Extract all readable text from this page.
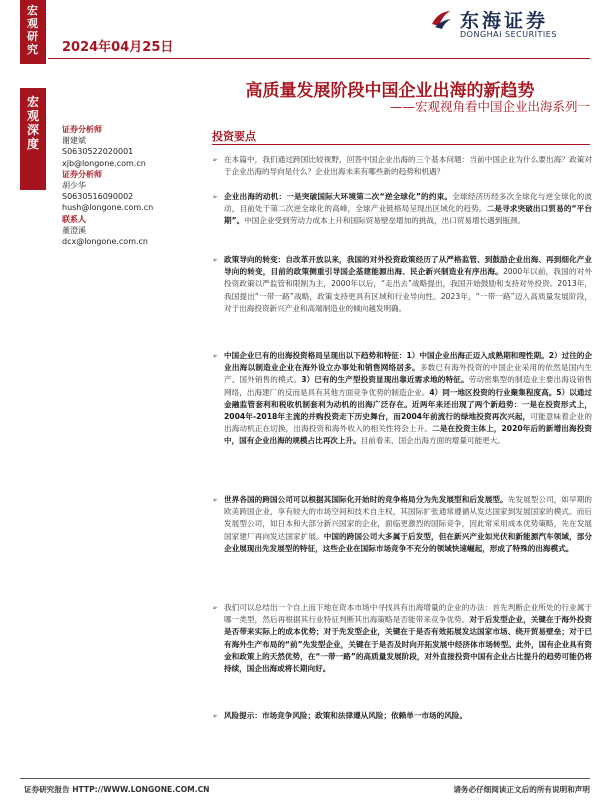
宏观研究
宏观深度
2024年04月25日
东海证券
DONGHAI SECURITIES
高质量发展阶段中国企业出海的新趋势
——宏观视角看中国企业出海系列一
证券分析师
谢建斌
S0630522020001
xjb@longone.com.cn
证券分析师
胡少华
S0630516090002
hush@longone.com.cn
联系人
董澄溪
dcx@longone.com.cn
投资要点
➢ 在本篇中，我们通过跨国比较视野，回答中国企业出海的三个基本问题：当前中国企业为什么要出海？政策对于企业出海的导向是什么？企业出海未来有哪些新的趋势和机遇？
➢ 企业出海的动机：一是突破国际大环境第二次“逆全球化”的约束。全球经济历经多次全球化与逆全球化的波动，目前处于第二次逆全球化的高峰，全球产业链格局呈现出区域化的趋势。二是寻求突破出口贸易的“平台期”。中国企业受到劳动力成本上升和国际贸易壁垒增加的挑战，出口贸易增长遇到瓶颈。
➢ 政策导向的转变：自改革开放以来，我国的对外投资政策经历了从严格监管、到鼓励企业出海、再到细化产业导向的转变，目前的政策侧重引导国企基建能源出海、民企新兴制造业有序出海。2000年以前，我国的对外投资政策以严监管和限制为主，2000年以后，“走出去”战略提出，我国开始鼓励和支持对外投资。2013年，我国提出“一带一路”战略，政策支持更具有区域和行业导向性。2023年，“一带一路”迈入高质量发展阶段，对于出海投资新兴产业和高端制造业的倾向越发明确。
➢ 中国企业已有的出海投资格局呈现出以下趋势和特征：1）中国企业出海正迈入成熟期和理性期。2）过往的企业出海以制造业企业在海外设立办事处和销售网络居多。多数已有海外投资的中国企业采用的依然是国内生产、国外销售的模式。3）已有的生产型投资显现出靠近需求地的特征。劳动密集型的制造业主要出海设销售网络，出海建厂的反而是具有其他方面竞争优势的制造企业。4）同一地区投资的行业聚集程度高。5）以通过金融监管套利和税收机制套利为动机的出海广泛存在。近两年来还出现了两个新趋势：一是在投资形式上，2004年-2018年主流的并购投资走下历史舞台，而2004年前流行的绿地投资再次兴起，可能意味着企业的出海动机正在切换，出海投资和海外收入的相关性将会上升。二是在投资主体上，2020年后的新增出海投资中，国有企业出海的规模占比再次上升。目前看来，国企出海方面的增量可能更大。
➢ 世界各国的跨国公司可以根据其国际化开始时的竞争格局分为先发展型和后发展型。先发展型公司，如早期的欧美跨国企业，享有较大的市场空间和技术自主权，其国际扩张通常遵循从发达国家到发展国家的模式。而后发展型公司，如日本和大部分新兴国家的企业，面临更激烈的国际竞争，因此常采用成本优势策略，先在发展国家建厂再向发达国家扩展。中国的跨国公司大多属于后发型，但在新兴产业如光伏和新能源汽车领域，部分企业展现出先发展型的特征，这些企业在国际市场竞争不充分的领域快速崛起，形成了特殊的出海模式。
➢ 我们可以总结出一个自上而下地在资本市场中寻找具有出海增量的企业的办法：首先判断企业所处的行业属于哪一类型，然后再根据其行业特征判断其出海策略是否能带来竞争优势。对于后发型企业，关键在于海外投资是否带来实际上的成本优势；对于先发型企业，关键在于是否有效拓展发达国家市场、绕开贸易壁垒；对于已有海外生产布局的“前”先发型企业，关键在于是否及时向开拓发展中经济体市场转型。此外，国有企业具有资金和政策上的天然优势，在“一带一路”的高质量发展阶段，对外直接投资中国有企业占比提升的趋势可能仍将持续，国企出海或将长期向好。
➢ 风险提示：市场竞争风险；政策和法律遵从风险；依赖单一市场的风险。
证券研究报告 HTTP://WWW.LONGONE.COM.CN	请务必仔细阅读正文后的所有说明和声明
